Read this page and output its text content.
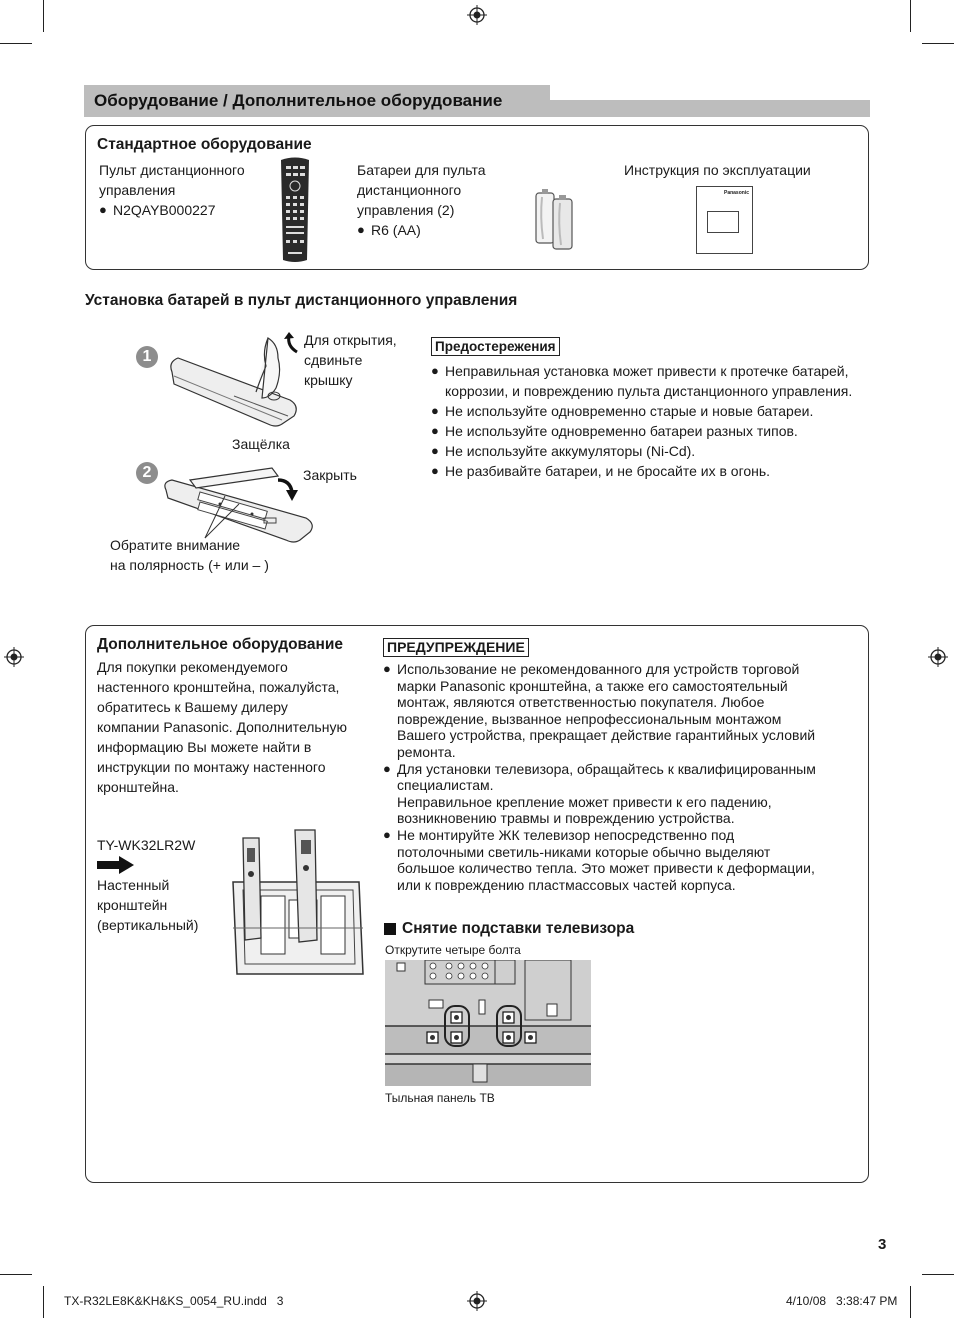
Оборудование / Дополнительное оборудование
Стандартное оборудование
Пульт дистанционного
управления
● N2QAYB000227
Батареи для пульта
дистанционного
управления (2)
● R6 (AA)
Инструкция по эксплуатации
Panasonic
Установка батарей в пульт дистанционного управления
1
Для открытия,
сдвиньте
крышку
Защёлка
2	Закрыть
Обратите внимание
на полярность (+ или – )
Предостережения
● Неправильная установка может привести к протечке батарей, коррозии, и повреждению пульта дистанционного управления.
● Не используйте одновременно старые и новые батареи.
● Не используйте одновременно батареи разных типов.
● Не используйте аккумуляторы (Ni-Cd).
● Не разбивайте батареи, и не бросайте их в огонь.
Дополнительное оборудование
Для покупки рекомендуемого
настенного кронштейна, пожалуйста,
обратитесь к Вашему дилеру
компании Panasonic. Дополнительную
информацию Вы можете найти в
инструкции по монтажу настенного
кронштейна.
TY-WK32LR2W
Настенный
кронштейн
(вертикальный)
ПРЕДУПРЕЖДЕНИЕ
● Использование не рекомендованного для устройств торговой
марки Panasonic кронштейна, а также его самостоятельный
монтаж, являются ответственностью покупателя. Любое
повреждение, вызванное непрофессиональным монтажом
Вашего устройства, прекращает действие гарантийных условий
ремонта.
● Для установки телевизора, обращайтесь к квалифицированным
специалистам.
Неправильное крепление может привести к его падению,
возникновению травмы и повреждению устройства.
● Не монтируйте ЖК телевизор непосредственно под
потолочными светиль-никами которые обычно выделяют
большое количество тепла. Это может привести к деформации,
или к повреждению пластмассовых частей корпуса.
Снятие подставки телевизора
Открутите четыре болта
Тыльная панель ТВ
3
TX-R32LE8K&KH&KS_0054_RU.indd   3	4/10/08   3:38:47 PM
